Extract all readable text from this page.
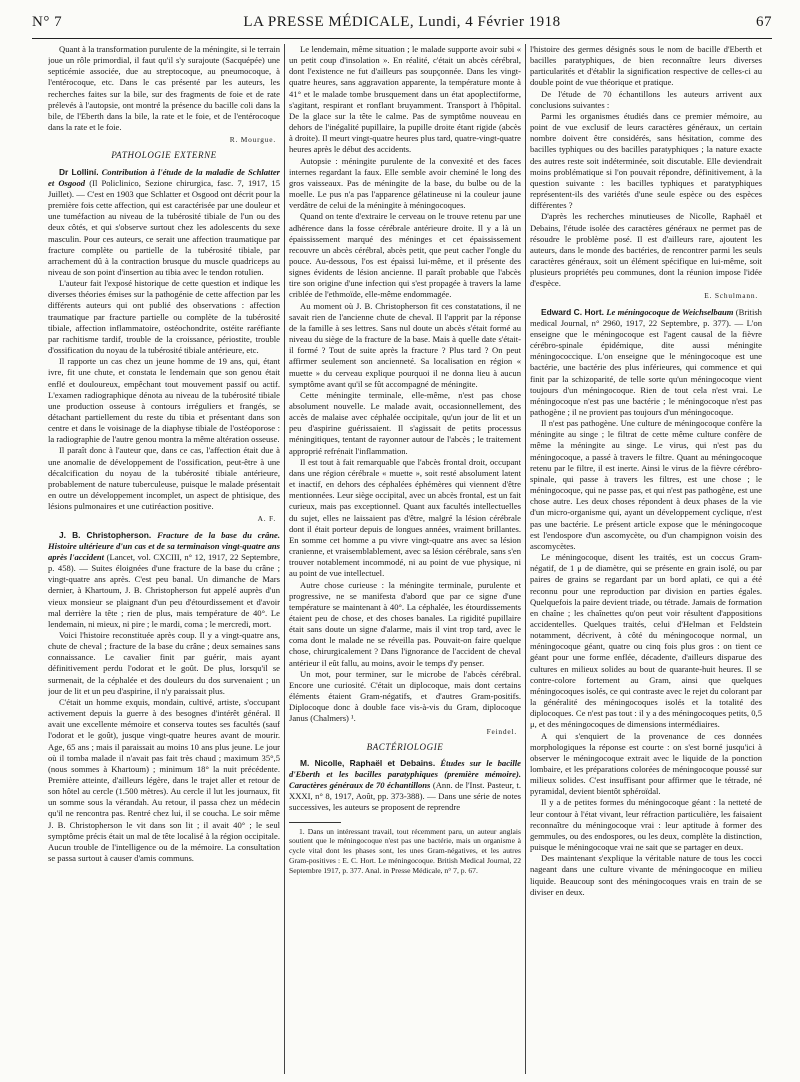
N° 7	LA PRESSE MÉDICALE, Lundi, 4 Février 1918	67

Quant à la transformation purulente de la méningite, si le terrain joue un rôle primordial, il faut qu'il s'y surajoute (Sacquépée) une septicémie associée, due au streptocoque, au pneumocoque, à l'entérocoque, etc. Dans le cas présenté par les auteurs, les recherches faites sur la bile, sur des fragments de foie et de rate prélevés à l'autopsie, ont montré la présence du bacille coli dans la bile, de l'Eberth dans la bile, la rate et le foie, et de l'entérocoque dans la rate et le foie.

R. Mourgue.
PATHOLOGIE EXTERNE

Dr Lolliní. Contribution à l'étude de la maladie de Schlatter et Osgood (Il Policlinico, Sezione chirurgica, fasc. 7, 1917, 15 Juillet). — C'est en 1903 que Schlatter et Osgood ont décrit pour la première fois cette affection, qui est caractérisée par une douleur et une tuméfaction au niveau de la tubérosité tibiale de l'un ou des deux côtés, et qui s'observe surtout chez les adolescents du sexe masculin. Pour ces auteurs, ce serait une affection traumatique par fracture complète ou partielle de la tubérosité tibiale, par arrachement dû à la contraction brusque du muscle quadriceps au niveau de son point d'insertion au tibia avec le tendon rotulien.

L'auteur fait l'exposé historique de cette question et indique les diverses théories émises sur la pathogénie de cette affection par les différents auteurs qui ont publié des observations : affection traumatique par fracture partielle ou complète de la tubérosité tibiale, affection inflammatoire, ostéochondrite, ostéite raréfiante par rachitisme tardif, trouble de la croissance, périostite, trouble d'ossification du noyau de la tubérosité tibiale antérieure, etc.

Il rapporte un cas chez un jeune homme de 19 ans, qui, étant ivre, fit une chute, et constata le lendemain que son genou était enflé et douloureux, empêchant tout mouvement passif ou actif. L'examen radiographique dénota au niveau de la tubérosité tibiale une production osseuse à contours irréguliers et frangés, se détachant partiellement du reste du tibia et présentant dans son centre et dans le voisinage de la diaphyse tibiale de l'ostéoporose : la radiographie de l'autre genou montra la même altération osseuse.

Il paraît donc à l'auteur que, dans ce cas, l'affection était due à une anomalie de développement de l'ossification, peut-être à une décalcification du noyau de la tubérosité tibiale antérieure, probablement de nature tuberculeuse, puisque le malade présentait en outre un développement incomplet, un aspect de phtisique, des lésions pulmonaires et une cutiréaction positive.

A. F.

J. B. Christopherson. Fracture de la base du crâne. Histoire ultérieure d'un cas et de sa terminaison vingt-quatre ans après l'accident (Lancet, vol. CXCIII, n° 12, 1917, 22 Septembre, p. 458). — Suites éloignées d'une fracture de la base du crâne ; vingt-quatre ans après. C'est peu banal. Un dimanche de Mars dernier, à Khartoum, J. B. Christopherson fut appelé auprès d'un vieux monsieur se plaignant d'un peu d'étourdissement et d'avoir mal derrière la tête ; rien de plus, mais température de 40°. Le lendemain, ni mieux, ni pire ; le mardi, coma ; le mercredi, mort.

Voici l'histoire reconstituée après coup. Il y a vingt-quatre ans, chute de cheval ; fracture de la base du crâne ; deux semaines sans connaissance. Le cavalier finit par guérir, mais ayant définitivement perdu l'odorat et le goût. De plus, lorsqu'il se surmenait, de la céphalée et des douleurs du dos survenaient ; un jour de lit et un peu d'aspirine, il n'y paraissait plus.

C'était un homme exquis, mondain, cultivé, artiste, s'occupant activement depuis la guerre à des besognes d'intérêt général. Il avait une excellente mémoire et conserva toutes ses facultés (sauf l'odorat et le goût), jusque vingt-quatre heures avant de mourir. Age, 65 ans ; mais il paraissait au moins 10 ans plus jeune. Le jour où il tomba malade il n'avait pas fait très chaud ; maximum 35°,5 (nous sommes à Khartoum) ; minimum 18° la nuit précédente. Première atteinte, d'ailleurs légère, dans le trajet aller et retour de son hôtel au cercle (1.500 mètres). Au cercle il lut les journaux, fit un somme sous la vérandah. Au retour, il passa chez un médecin qu'il ne rencontra pas. Rentré chez lui, il se coucha. Le soir même J. B. Christopherson le vit dans son lit ; il avait 40° ; le seul symptôme précis était un mal de tête localisé à la région occipitale. Aucun trouble de l'intelligence ou de la mémoire. La consultation se passa surtout à causer d'amis communs.

Le lendemain, même situation ; le malade supporte avoir subi « un petit coup d'insolation ». En réalité, c'était un abcès cérébral, dont l'existence ne fut d'ailleurs pas soupçonnée. Dans les vingt-quatre heures, sans aggravation apparente, la température monte à 41° et le malade tombe brusquement dans un état apoplectiforme, s'agitant, respirant et ronflant bruyamment. Transport à l'hôpital. De la glace sur la tête le calme. Pas de symptôme nouveau en dehors de l'inégalité pupillaire, la pupille droite étant rigide (abcès à droite). Il meurt vingt-quatre heures plus tard, quatre-vingt-quatre heures après le début des accidents.

Autopsie : méningite purulente de la convexité et des faces internes regardant la faux. Elle semble avoir cheminé le long des gros vaisseaux. Pas de méningite de la base, du bulbe ou de la moelle. Le pus n'a pas l'apparence gélatineuse ni la couleur jaune verdâtre de celui de la méningite à méningocoques.

Quand on tente d'extraire le cerveau on le trouve retenu par une adhérence dans la fosse cérébrale antérieure droite. Il y a là un épaississement marqué des méninges et cet épaississement recouvre un abcès cérébral, abcès petit, que peut cacher l'ongle du pouce. Au-dessous, l'os est épaissi lui-même, et il présente des signes évidents de lésion ancienne. Il paraît probable que l'abcès tire son origine d'une infection qui s'est propagée à travers la lame criblée de l'ethmoïde, elle-même endommagée.

Au moment où J. B. Christopherson fit ces constatations, il ne savait rien de l'ancienne chute de cheval. Il l'apprit par la réponse de la famille à ses lettres. Sans nul doute un abcès s'était formé au niveau du siège de la fracture de la base. Mais à quelle date s'était-il formé ? Tout de suite après la fracture ? Plus tard ? On peut affirmer seulement son ancienneté. Sa localisation en région « muette » du cerveau explique pourquoi il ne donna lieu à aucun symptôme avant qu'il se fût accompagné de méningite.

Cette méningite terminale, elle-même, n'est pas chose absolument nouvelle. Le malade avait, occasionnellement, des accès de malaise avec céphalée occipitale, qu'un jour de lit et un peu d'aspirine guérissaient. Il s'agissait de petits processus méningitiques, tentant de rayonner autour de l'abcès ; le traitement approprié refrénait l'inflammation.

Il est tout à fait remarquable que l'abcès frontal droit, occupant dans une région cérébrale « muette », soit resté absolument latent et inactif, en dehors des céphalées éphémères qui viennent d'être mentionnées. Leur siège occipital, avec un abcès frontal, est un fait curieux, mais pas exceptionnel. Quant aux facultés intellectuelles du sujet, elles ne laissaient pas d'être, malgré la lésion cérébrale dont il était porteur depuis de longues années, vraiment brillantes. En somme cet homme a pu vivre vingt-quatre ans avec sa lésion cranienne, et vraisemblablement, avec sa lésion cérébrale, sans s'en trouver notablement incommodé, ni au point de vue physique, ni au point de vue intellectuel.

Autre chose curieuse : la méningite terminale, purulente et progressive, ne se manifesta d'abord que par ce signe d'une température se maintenant à 40°. La céphalée, les étourdissements étaient peu de chose, et des choses banales. La rigidité pupillaire était sans doute un signe d'alarme, mais il vint trop tard, avec le coma dont le malade ne se réveilla pas. Pouvait-on faire quelque chose, chirurgicalement ? Dans l'ignorance de l'accident de cheval antérieur il eût fallu, au moins, avoir le temps d'y penser.

Un mot, pour terminer, sur le microbe de l'abcès cérébral. Encore une curiosité. C'était un diplocoque, mais dont certains éléments étaient Gram-négatifs, et d'autres Gram-positifs. Diplocoque donc à double face vis-à-vis du Gram, diplocoque Janus (Chalmers) ¹.

Feindel.
BACTÉRIOLOGIE

M. Nicolle, Raphaël et Debains. Études sur le bacille d'Eberth et les bacilles paratyphiques (première mémoire). Caractères généraux de 70 échantillons (Ann. de l'Inst. Pasteur, t. XXXI, n° 8, 1917, Août, pp. 373-388). — Dans une série de notes successives, les auteurs se proposent de reprendre

1. Dans un intéressant travail, tout récemment paru, un auteur anglais soutient que le méningocoque n'est pas une bactérie, mais un organisme à cycle vital dont les phases sont, les unes Gram-négatives, et les autres Gram-positives : E. C. Hort. Le méningocoque. British Medical Journal, 22 Septembre 1917, p. 377. Anal. in Presse Médicale, n° 7, p. 67.

l'histoire des germes désignés sous le nom de bacille d'Eberth et bacilles paratyphiques, de bien reconnaître leurs diverses particularités et d'établir la signification respective de celles-ci au double point de vue théorique et pratique.

De l'étude de 70 échantillons les auteurs arrivent aux conclusions suivantes :

Parmi les organismes étudiés dans ce premier mémoire, au point de vue exclusif de leurs caractères généraux, un certain nombre doivent être considérés, sans hésitation, comme des bacilles typhiques ou des bacilles paratyphiques ; la nature exacte des autres reste soit indéterminée, soit discutable. Elle deviendrait moins problématique si l'on pouvait répondre, définitivement, à la question suivante : les bacilles typhiques et paratyphiques représentent-ils des variétés d'une seule espèce ou des espèces différentes ?

D'après les recherches minutieuses de Nicolle, Raphaël et Debains, l'étude isolée des caractères généraux ne permet pas de résoudre le problème posé. Il est d'ailleurs rare, ajoutent les auteurs, dans le monde des bactéries, de rencontrer parmi les seuls caractères généraux, soit un élément spécifique en lui-même, soit plusieurs propriétés peu communes, dont la réunion impose l'idée d'espèce.

E. Schulmann.

Edward C. Hort. Le méningocoque de Weichselbaum (British medical Journal, n° 2960, 1917, 22 Septembre, p. 377). — L'on enseigne que le méningocoque est l'agent causal de la fièvre cérébro-spinale épidémique, dite aussi méningite méningococcique. L'on enseigne que le méningocoque est une bactérie, une bactérie des plus inférieures, qui commence et qui finit par la schizoparité, de telle sorte qu'un méningocoque vient toujours d'un méningocoque. Rien de tout cela n'est vrai. Le méningocoque n'est pas une bactérie ; le méningocoque n'est pas pathogène ; il ne provient pas toujours d'un méningocoque.

Il n'est pas pathogène. Une culture de méningocoque confère la méningite au singe ; le filtrat de cette même culture confère de même la méningite au singe. Le virus, qui n'est pas du méningocoque, a passé à travers le filtre. Quant au méningocoque retenu par le filtre, il est inerte. Ainsi le virus de la fièvre cérébro-spinale, qui passe à travers les filtres, est une chose ; le méningocoque, qui ne passe pas, et qui n'est pas pathogène, est une chose autre. Les deux choses répondent à deux phases de la vie d'un micro-organisme qui, ayant un développement cyclique, n'est pas une bactérie. Le présent article expose que le méningocoque est l'endospore d'un ascomycète, ou d'un champignon voisin des ascomycètes.

Le méningocoque, disent les traités, est un coccus Gram-négatif, de 1 μ de diamètre, qui se présente en grain isolé, ou par paires de grains se regardant par un bord aplati, ce qui a été reconnu pour une reproduction par division en parties égales. Quelquefois la paire devient triade, ou tétrade. Jamais de formation en chaîne ; les chaînettes qu'on peut voir résultent d'appositions accidentelles. Quelques traités, celui d'Helman et Feldstein notamment, décrivent, à côté du méningocoque normal, un méningocoque géant, quatre ou cinq fois plus gros : on tient ce géant pour une forme enflée, décadente, d'ailleurs disparue des cultures en milieux solides au bout de quarante-huit heures. Il se contre-colore fortement au Gram, ainsi que quelques méningocoques isolés, ce qui contraste avec le rejet du colorant par la généralité des méningocoques isolés et la totalité des diplocoques. Ce n'est pas tout : il y a des méningocoques petits, 0,5 μ, et des méningocoques de dimensions intermédiaires.

A qui s'enquiert de la provenance de ces données morphologiques la réponse est courte : on s'est borné jusqu'ici à observer le méningocoque extrait avec le liquide de la ponction lombaire, et les préparations colorées de méningocoque poussé sur milieux solides. C'est insuffisant pour affirmer que le tétrade, né pyramidal, devient bientôt sphéroïdal.

Il y a de petites formes du méningocoque géant : la netteté de leur contour à l'état vivant, leur réfraction particulière, les faisaient reconnaître du méningocoque vrai : leur aptitude à former des gemmules, ou des endospores, ou les deux, complète la distinction, puisque le méningocoque vrai ne sait que se partager en deux.

Des maintenant s'explique la véritable nature de tous les cocci nageant dans une culture vivante de méningocoque en milieu liquide. Beaucoup sont des méningocoques vrais en train de se diviser en deux.
